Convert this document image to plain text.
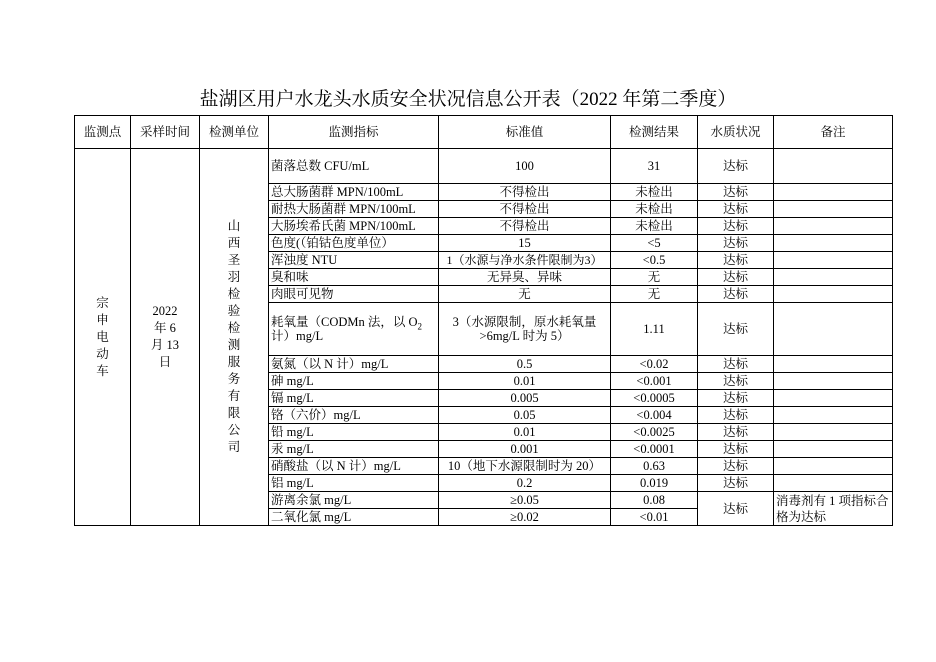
盐湖区用户水龙头水质安全状况信息公开表（2022 年第二季度）
监测点	采样时间	检测单位	监测指标	标准值	检测结果	水质状况	备注
宗申电动车	2022 年 6 月 13 日	山西圣羽检验检测服务有限公司	菌落总数 CFU/mL	100	31	达标	
			总大肠菌群 MPN/100mL	不得检出	未检出	达标	
			耐热大肠菌群 MPN/100mL	不得检出	未检出	达标	
			大肠埃希氏菌 MPN/100mL	不得检出	未检出	达标	
			色度(（铂钴色度单位）	15	<5	达标	
			浑浊度 NTU	1（水源与净水条件限制为3）	<0.5	达标	
			臭和味	无异臭、异味	无	达标	
			肉眼可见物	无	无	达标	
			耗氧量（CODMn 法，以 $O_2$计）mg/L	3（水源限制，原水耗氧量 >6mg/L 时为 5）	1.11	达标	
			氨氮（以 N 计）mg/L	0.5	<0.02	达标	
			砷 mg/L	0.01	<0.001	达标	
			镉 mg/L	0.005	<0.0005	达标	
			铬（六价）mg/L	0.05	<0.004	达标	
			铅 mg/L	0.01	<0.0025	达标	
			汞 mg/L	0.001	<0.0001	达标	
			硝酸盐（以 N 计）mg/L	10（地下水源限制时为 20）	0.63	达标	
			铝 mg/L	0.2	0.019	达标	
			游离余氯 mg/L	≥0.05	0.08	达标	消毒剂有 1 项指标合格为达标
			二氧化氯 mg/L	≥0.02	<0.01		
